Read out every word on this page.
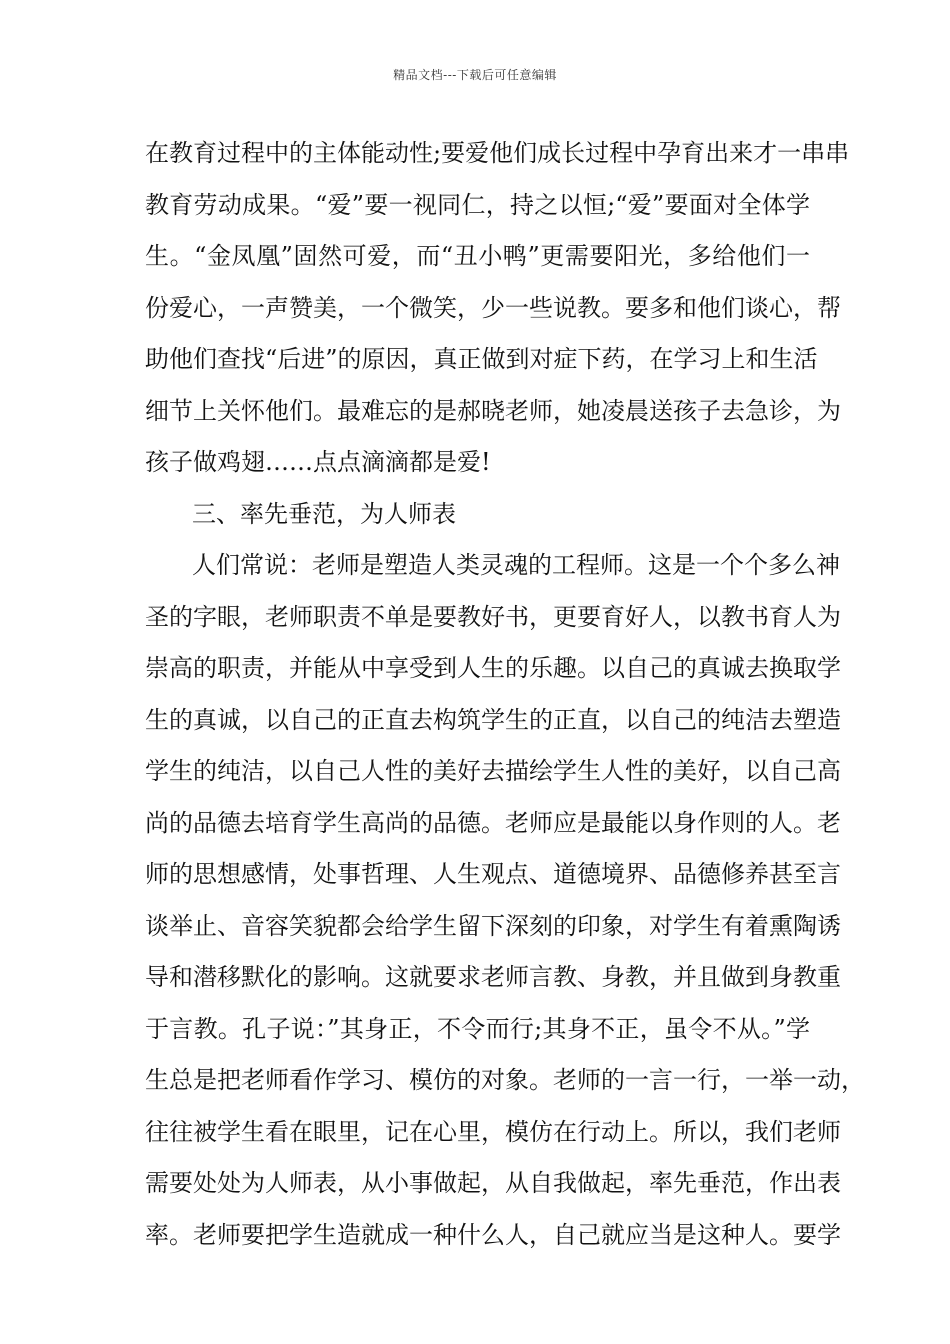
精品文档---下载后可任意编辑
在教育过程中的主体能动性;要爱他们成长过程中孕育出来才一串串
教育劳动成果。“爱”要一视同仁，持之以恒;“爱”要面对全体学
生。“金凤凰”固然可爱，而“丑小鸭”更需要阳光，多给他们一
份爱心，一声赞美，一个微笑，少一些说教。要多和他们谈心，帮
助他们查找“后进”的原因，真正做到对症下药，在学习上和生活
细节上关怀他们。最难忘的是郝晓老师，她凌晨送孩子去急诊，为
孩子做鸡翅……点点滴滴都是爱!
三、率先垂范，为人师表
人们常说：老师是塑造人类灵魂的工程师。这是一个个多么神
圣的字眼，老师职责不单是要教好书，更要育好人，以教书育人为
崇高的职责，并能从中享受到人生的乐趣。以自己的真诚去换取学
生的真诚，以自己的正直去构筑学生的正直，以自己的纯洁去塑造
学生的纯洁，以自己人性的美好去描绘学生人性的美好，以自己高
尚的品德去培育学生高尚的品德。老师应是最能以身作则的人。老
师的思想感情，处事哲理、人生观点、道德境界、品德修养甚至言
谈举止、音容笑貌都会给学生留下深刻的印象，对学生有着熏陶诱
导和潜移默化的影响。这就要求老师言教、身教，并且做到身教重
于言教。孔子说：”其身正，不令而行;其身不正，虽令不从。”学
生总是把老师看作学习、模仿的对象。老师的一言一行，一举一动，
往往被学生看在眼里，记在心里，模仿在行动上。所以，我们老师
需要处处为人师表，从小事做起，从自我做起，率先垂范，作出表
率。老师要把学生造就成一种什么人，自己就应当是这种人。要学
